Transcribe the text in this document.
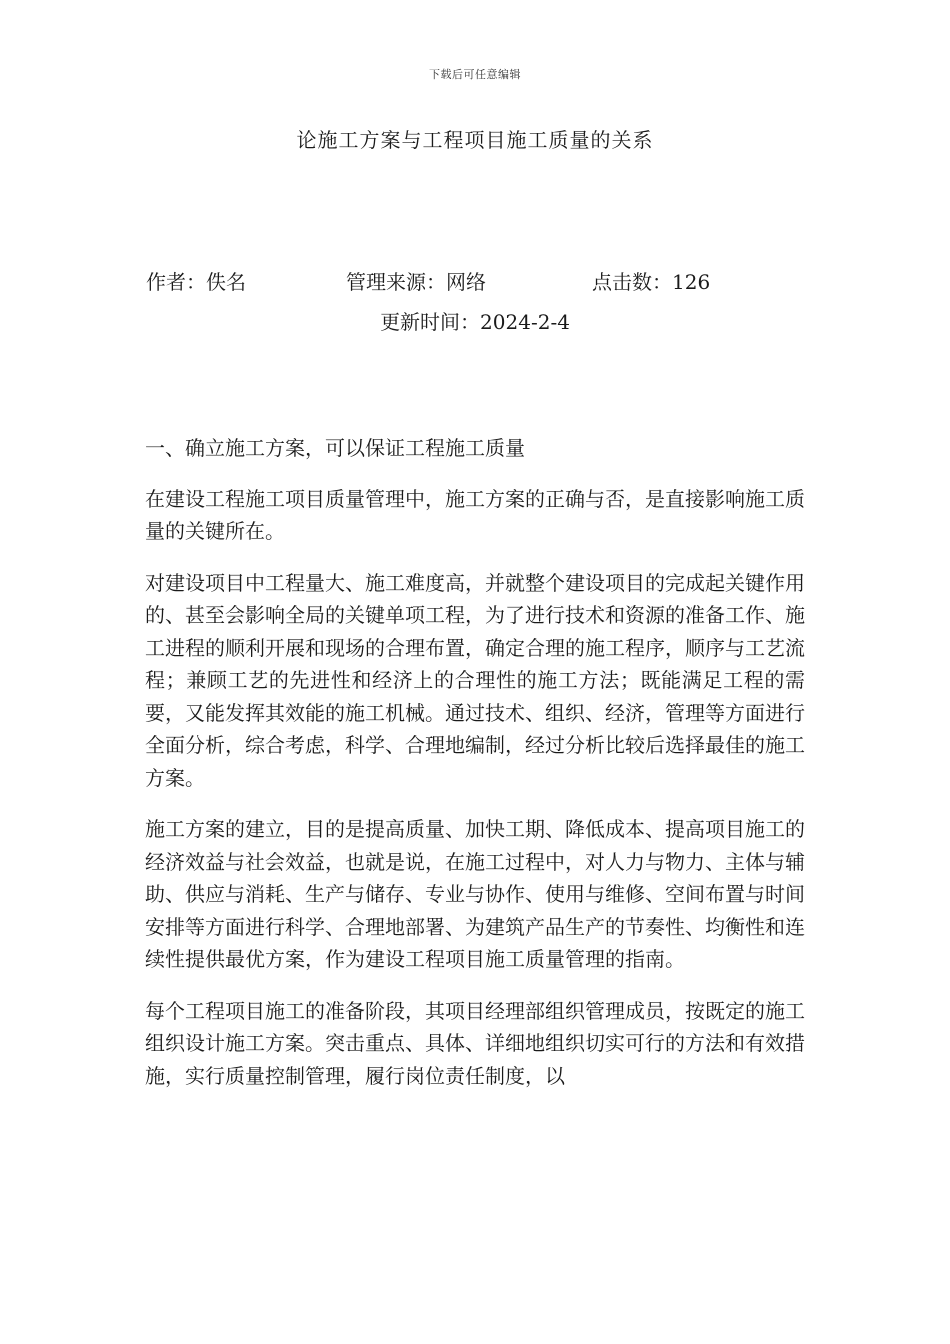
下载后可任意编辑
论施工方案与工程项目施工质量的关系
作者：佚名	管理来源：网络	点击数：126
更新时间：2024-2-4

一、确立施工方案，可以保证工程施工质量

在建设工程施工项目质量管理中，施工方案的正确与否，是直接影响施工质量的关键所在。

对建设项目中工程量大、施工难度高，并就整个建设项目的完成起关键作用的、甚至会影响全局的关键单项工程，为了进行技术和资源的准备工作、施工进程的顺利开展和现场的合理布置，确定合理的施工程序，顺序与工艺流程；兼顾工艺的先进性和经济上的合理性的施工方法；既能满足工程的需要，又能发挥其效能的施工机械。通过技术、组织、经济，管理等方面进行全面分析，综合考虑，科学、合理地编制，经过分析比较后选择最佳的施工方案。

施工方案的建立，目的是提高质量、加快工期、降低成本、提高项目施工的经济效益与社会效益，也就是说，在施工过程中，对人力与物力、主体与辅助、供应与消耗、生产与储存、专业与协作、使用与维修、空间布置与时间安排等方面进行科学、合理地部署、为建筑产品生产的节奏性、均衡性和连续性提供最优方案，作为建设工程项目施工质量管理的指南。

每个工程项目施工的准备阶段，其项目经理部组织管理成员，按既定的施工组织设计施工方案。突击重点、具体、详细地组织切实可行的方法和有效措施，实行质量控制管理，履行岗位责任制度，以
